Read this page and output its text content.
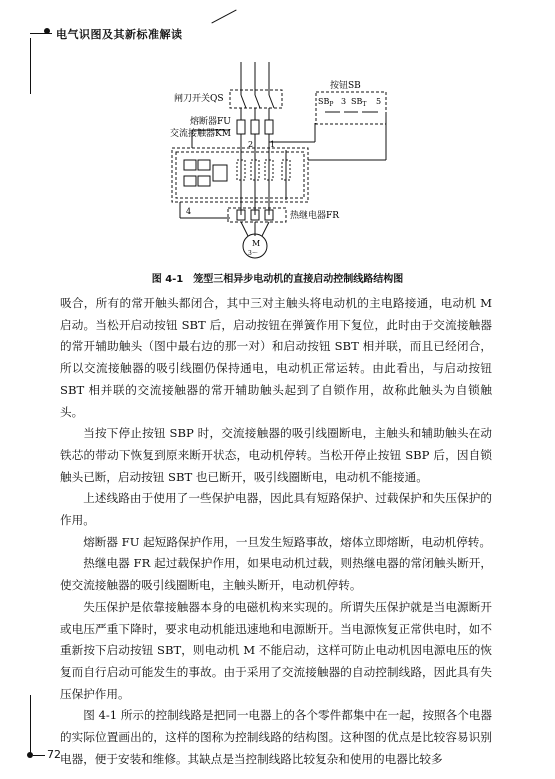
电气识图及其新标准解读
闸刀开关QS
熔断器FU
交流接触器KM
按钮SB
$SB_P$ 3 $SB_T$ 5
2 1
4	热继电器FR
M
3～
图 4-1　笼型三相异步电动机的直接启动控制线路结构图

吸合，所有的常开触头都闭合，其中三对主触头将电动机的主电路接通，电动机 M 启动。当松开启动按钮 SBT 后，启动按钮在弹簧作用下复位，此时由于交流接触器的常开辅助触头（图中最右边的那一对）和启动按钮 SBT 相并联，而且已经闭合，所以交流接触器的吸引线圈仍保持通电，电动机正常运转。由此看出，与启动按钮 SBT 相并联的交流接触器的常开辅助触头起到了自锁作用，故称此触头为自锁触头。

当按下停止按钮 SBP 时，交流接触器的吸引线圈断电，主触头和辅助触头在动铁芯的带动下恢复到原来断开状态，电动机停转。当松开停止按钮 SBP 后，因自锁触头已断，启动按钮 SBT 也已断开，吸引线圈断电，电动机不能接通。

上述线路由于使用了一些保护电器，因此具有短路保护、过载保护和失压保护的作用。

熔断器 FU 起短路保护作用，一旦发生短路事故，熔体立即熔断，电动机停转。

热继电器 FR 起过载保护作用，如果电动机过载，则热继电器的常闭触头断开，使交流接触器的吸引线圈断电，主触头断开，电动机停转。

失压保护是依靠接触器本身的电磁机构来实现的。所谓失压保护就是当电源断开或电压严重下降时，要求电动机能迅速地和电源断开。当电源恢复正常供电时，如不重新按下启动按钮 SBT，则电动机 M 不能启动，这样可防止电动机因电源电压的恢复而自行启动可能发生的事故。由于采用了交流接触器的自动控制线路，因此具有失压保护作用。

图 4-1 所示的控制线路是把同一电器上的各个零件都集中在一起，按照各个电器的实际位置画出的，这样的图称为控制线路的结构图。这种图的优点是比较容易识别电器，便于安装和维修。其缺点是当控制线路比较复杂和使用的电器比较多

72
